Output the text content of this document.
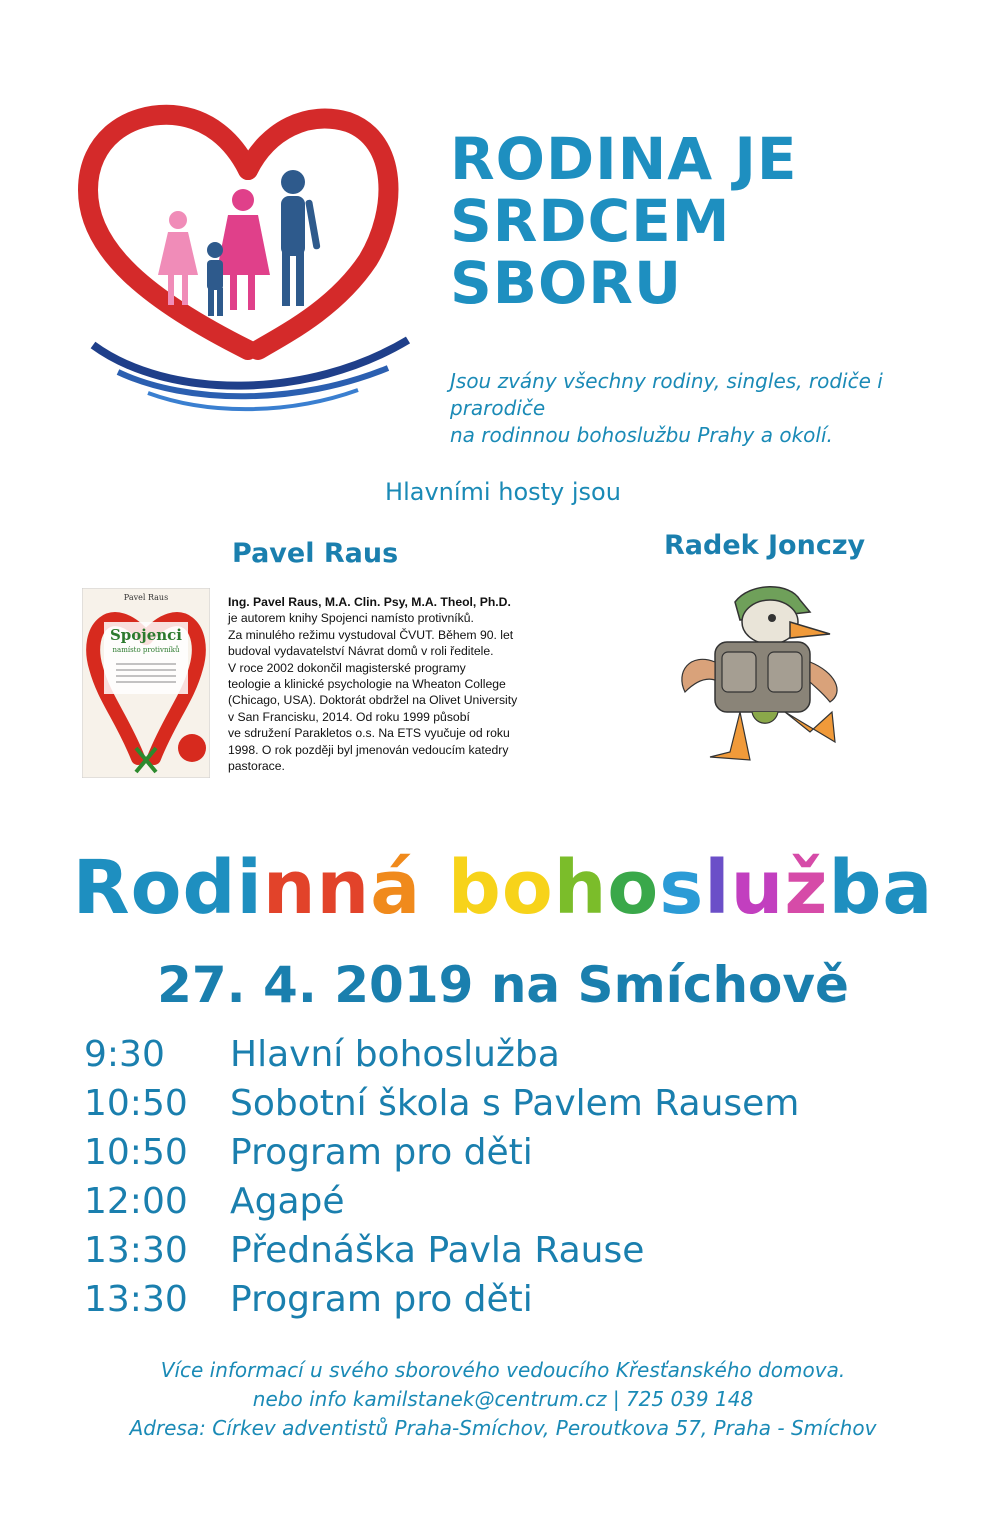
RODINA JE
SRDCEM
SBORU
Jsou zvány všechny rodiny, singles, rodiče i prarodiče
na rodinnou bohoslužbu Prahy a okolí.
Hlavními hosty jsou
Pavel Raus	Radek Jonczy
Pavel Raus
Spojenci
namísto protivníků
Ing. Pavel Raus, M.A. Clin. Psy, M.A. Theol, Ph.D.
je autorem knihy Spojenci namísto protivníků.
Za minulého režimu vystudoval ČVUT. Během 90. let
budoval vydavatelství Návrat domů v roli ředitele.
V roce 2002 dokončil magisterské programy
teologie a klinické psychologie na Wheaton College
(Chicago, USA). Doktorát obdržel na Olivet University
v San Francisku, 2014. Od roku 1999 působí
ve sdružení Parakletos o.s. Na ETS vyučuje od roku
1998. O rok později byl jmenován vedoucím katedry
pastorace.
Rodinná bohoslužba
27. 4. 2019 na Smíchově
9:30	Hlavní bohoslužba
10:50	Sobotní škola s Pavlem Rausem
10:50	Program pro děti
12:00	Agapé
13:30	Přednáška Pavla Rause
13:30	Program pro děti
Více informací u svého sborového vedoucího Křesťanského domova.
nebo info kamilstanek@centrum.cz | 725 039 148
Adresa: Církev adventistů Praha-Smíchov, Peroutkova 57, Praha - Smíchov
